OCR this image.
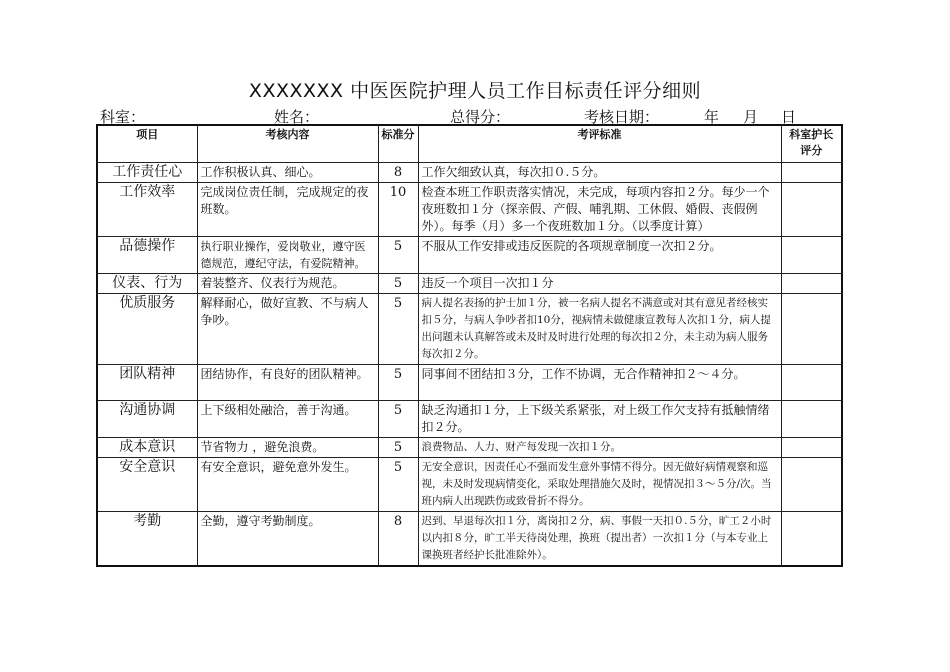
XXXXXXX 中医医院护理人员工作目标责任评分细则
科室：	姓名：	总得分：	考核日期：	年 月 日
项目	考核内容	标准分	考评标准	科室护长评分
工作责任心	工作积极认真、细心。	8	工作欠细致认真，每次扣０.５分。	
工作效率	完成岗位责任制，完成规定的夜班数。	10	检查本班工作职责落实情况，未完成，每项内容扣２分。每少一个夜班数扣１分（探亲假、产假、哺乳期、工休假、婚假、丧假例外）。每季（月）多一个夜班数加１分。（以季度计算）	
品德操作	执行职业操作，爱岗敬业，遵守医德规范，遵纪守法，有爱院精神。	5	不服从工作安排或违反医院的各项规章制度一次扣２分。	
仪表、行为	着装整齐、仪表行为规范。	5	违反一个项目一次扣１分	
优质服务	解释耐心，做好宣教、不与病人争吵。	5	病人提名表扬的护士加１分，被一名病人提名不满意或对其有意见者经核实扣５分，与病人争吵者扣10分，视病情未做健康宣教每人次扣１分，病人提出问题未认真解答或未及时及时进行处理的每次扣２分，未主动为病人服务每次扣２分。	
团队精神	团结协作，有良好的团队精神。	5	同事间不团结扣３分，工作不协调，无合作精神扣２～４分。	
沟通协调	上下级相处融洽，善于沟通。	5	缺乏沟通扣１分，上下级关系紧张，对上级工作欠支持有抵触情绪扣２分。	
成本意识	节省物力 ，避免浪费。	5	浪费物品、人力、财产每发现一次扣１分。	
安全意识	有安全意识，避免意外发生。	5	无安全意识，因责任心不强而发生意外事情不得分。因无做好病情观察和巡视，未及时发现病情变化，采取处理措施欠及时，视情况扣３～５分/次。当班内病人出现跌伤或致骨折不得分。	
考勤	全勤，遵守考勤制度。	8	迟到、早退每次扣１分，离岗扣２分，病、事假一天扣０.５分，旷工２小时以内扣８分，旷工半天待岗处理，换班（提出者）一次扣１分（与本专业上课换班者经护长批准除外）。	
